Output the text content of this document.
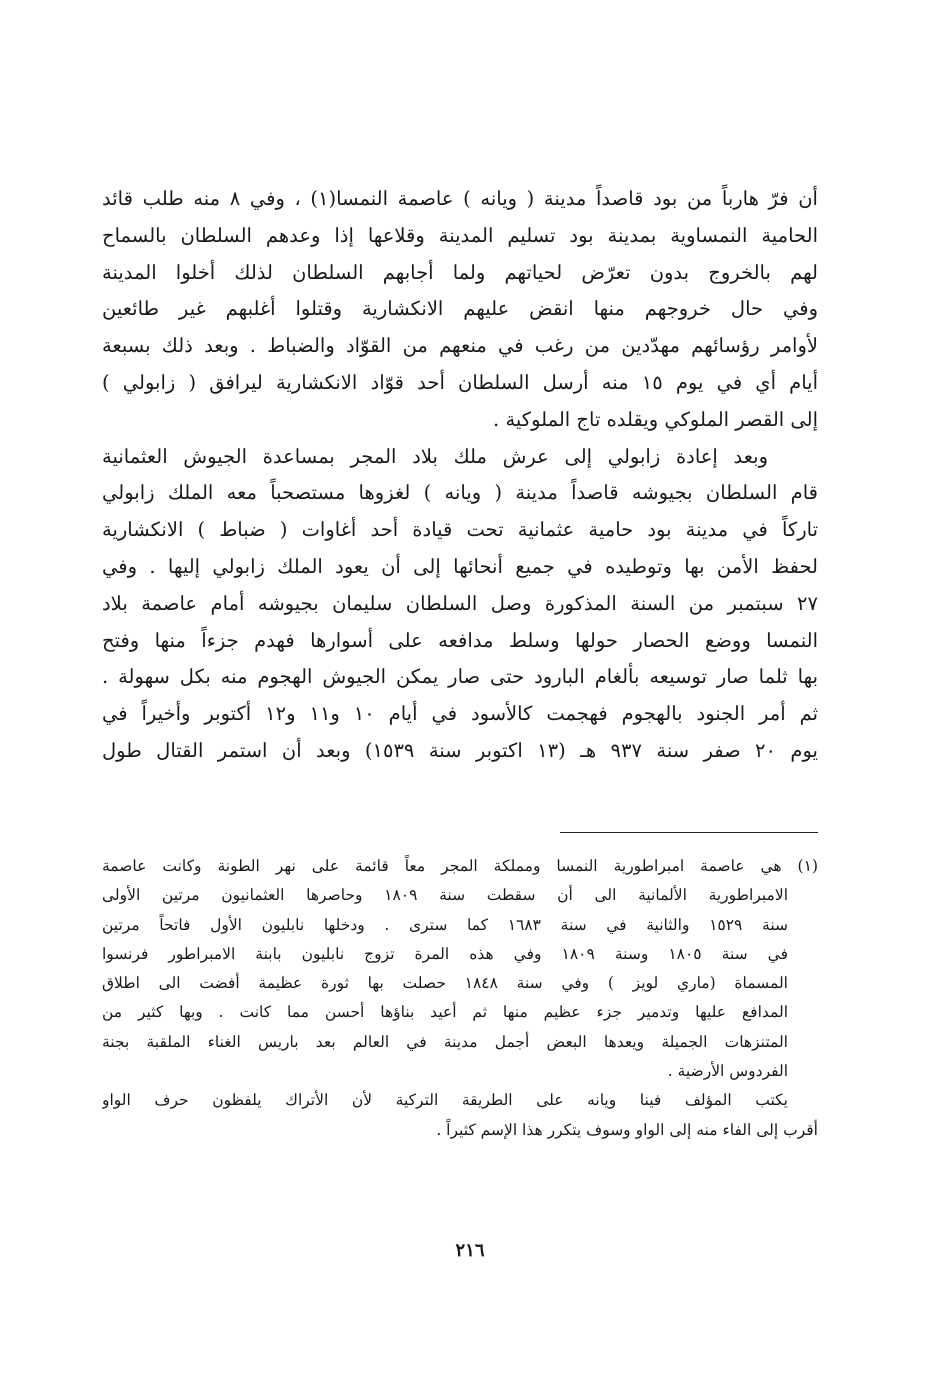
أن فرّ هارباً من بود قاصداً مدينة ( ويانه ) عاصمة النمسا(١) ، وفي ٨ منه طلب قائد
الحامية النمساوية بمدينة بود تسليم المدينة وقلاعها إذا وعدهم السلطان بالسماح
لهم بالخروج بدون تعرّض لحياتهم ولما أجابهم السلطان لذلك أخلوا المدينة
وفي حال خروجهم منها انقض عليهم الانكشارية وقتلوا أغلبهم غير طائعين
لأوامر رؤسائهم مهدّدين من رغب في منعهم من القوّاد والضباط . وبعد ذلك بسبعة
أيام أي في يوم ١٥ منه أرسل السلطان أحد قوّاد الانكشارية ليرافق ( زابولي )
إلى القصر الملوكي ويقلده تاج الملوكية .
وبعد إعادة زابولي إلى عرش ملك بلاد المجر بمساعدة الجيوش العثمانية
قام السلطان بجيوشه قاصداً مدينة ( ويانه ) لغزوها مستصحباً معه الملك زابولي
تاركاً في مدينة بود حامية عثمانية تحت قيادة أحد أغاوات ( ضباط ) الانكشارية
لحفظ الأمن بها وتوطيده في جميع أنحائها إلى أن يعود الملك زابولي إليها . وفي
٢٧ سبتمبر من السنة المذكورة وصل السلطان سليمان بجيوشه أمام عاصمة بلاد
النمسا ووضع الحصار حولها وسلط مدافعه على أسوارها فهدم جزءاً منها وفتح
بها ثلما صار توسيعه بألغام البارود حتى صار يمكن الجيوش الهجوم منه بكل سهولة .
ثم أمر الجنود بالهجوم فهجمت كالأسود في أيام ١٠ و١١ و١٢ أكتوبر وأخيراً في
يوم ٢٠ صفر سنة ٩٣٧ هـ (١٣ اكتوبر سنة ١٥٣٩) وبعد أن استمر القتال طول
(١) هي عاصمة امبراطورية النمسا ومملكة المجر معاً قائمة على نهر الطونة وكانت عاصمة
الامبراطورية الألمانية الى أن سقطت سنة ١٨٠٩ وحاصرها العثمانيون مرتين الأولى
سنة ١٥٢٩ والثانية في سنة ١٦٨٣ كما سترى . ودخلها نابليون الأول فاتحاً مرتين
في سنة ١٨٠٥ وسنة ١٨٠٩ وفي هذه المرة تزوج نابليون بابنة الامبراطور فرنسوا
المسماة (ماري لويز ) وفي سنة ١٨٤٨ حصلت بها ثورة عظيمة أفضت الى اطلاق
المدافع عليها وتدمير جزء عظيم منها ثم أعيد بناؤها أحسن مما كانت . وبها كثير من
المتنزهات الجميلة ويعدها البعض أجمل مدينة في العالم بعد باريس الغناء الملقبة بجنة
الفردوس الأرضية .
يكتب المؤلف فينا ويانه على الطريقة التركية لأن الأتراك يلفظون حرف الواو
أقرب إلى الفاء منه إلى الواو وسوف يتكرر هذا الإسم كثيراً .
٢١٦
